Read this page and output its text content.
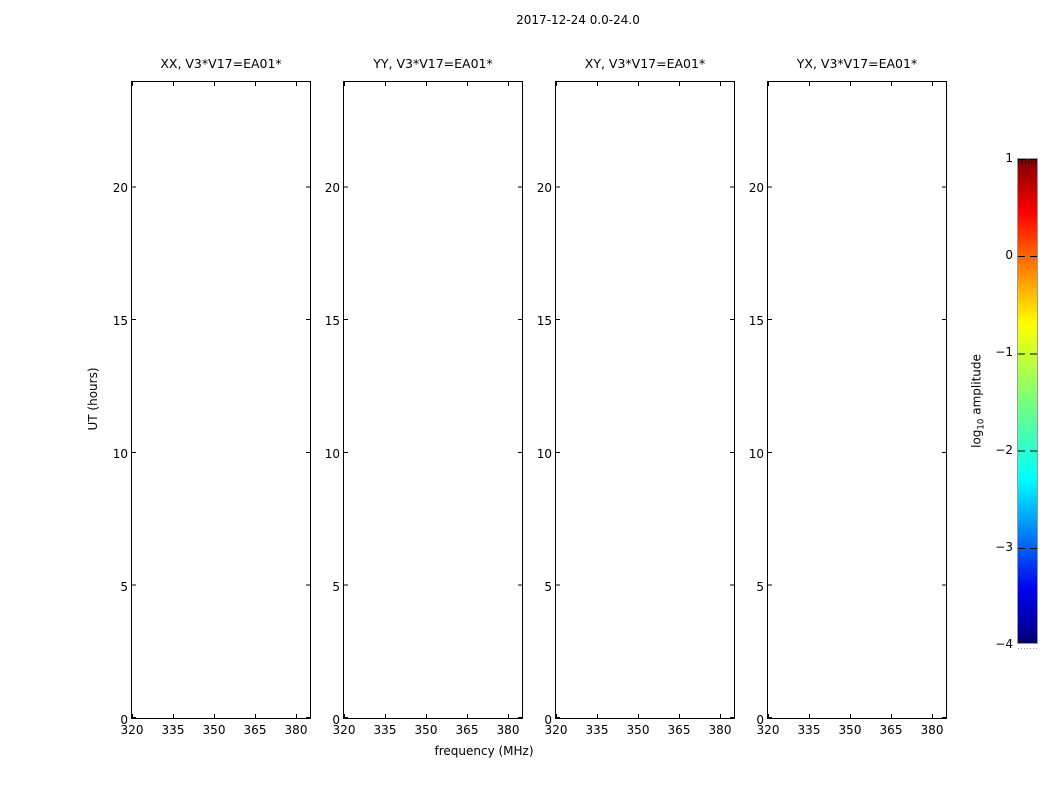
2017-12-24 0.0-24.0
XX, V3*V17=EA01*
20
15
10
5
0
320	335	350	365	380
YY, V3*V17=EA01*
20
15
10
5
0
320	335	350	365	380
XY, V3*V17=EA01*
20
15
10
5
0
320	335	350	365	380
YX, V3*V17=EA01*
20
15
10
5
0
320	335	350	365	380
frequency (MHz)
UT (hours)
1
0
−1
−2
−3
−4
$\log_{10}amplitude$
